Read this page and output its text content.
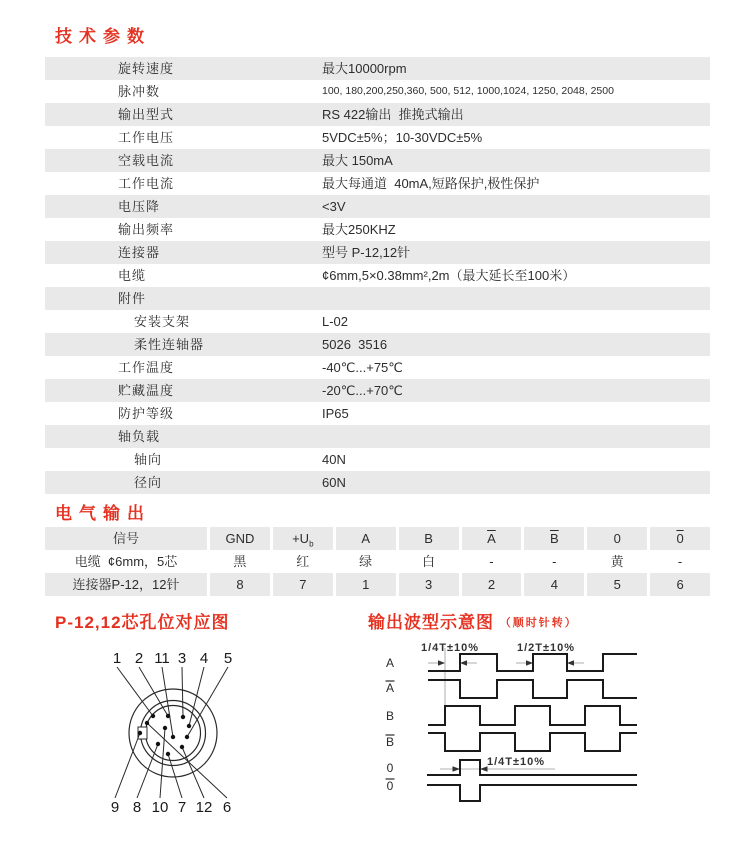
技术参数
旋转速度	最大10000rpm
脉冲数	100, 180,200,250,360, 500, 512, 1000,1024, 1250, 2048, 2500
输出型式	RS 422输出  推挽式输出
工作电压	5VDC±5%；10-30VDC±5%
空载电流	最大 150mA
工作电流	最大每通道  40mA,短路保护,极性保护
电压降	<3V
输出频率	最大250KHZ
连接器	型号 P-12,12针
电缆	¢6mm,5×0.38mm²,2m（最大延长至100米）
附件
安装支架	L-02
柔性连轴器	5026  3516
工作温度	-40℃...+75℃
贮藏温度	-20℃...+70℃
防护等级	IP65
轴负载
轴向	40N
径向	60N
电气输出
信号	GND	$+U_b$	A	B	$\overline{A}$	$\overline{B}$	0	0
电缆  ¢6mm，5芯	黑	红	绿	白	-	-	黄	-
连接器P-12，12针	8	7	1	3	2	4	5	6
P-12,12芯孔位对应图	输出波型示意图 （顺时针转）
1 2 11 3 4 5
9 8 10 7 12 6
A
A
B
B
0
0
1/4T±10%	1/2T±10%
1/4T±10%
